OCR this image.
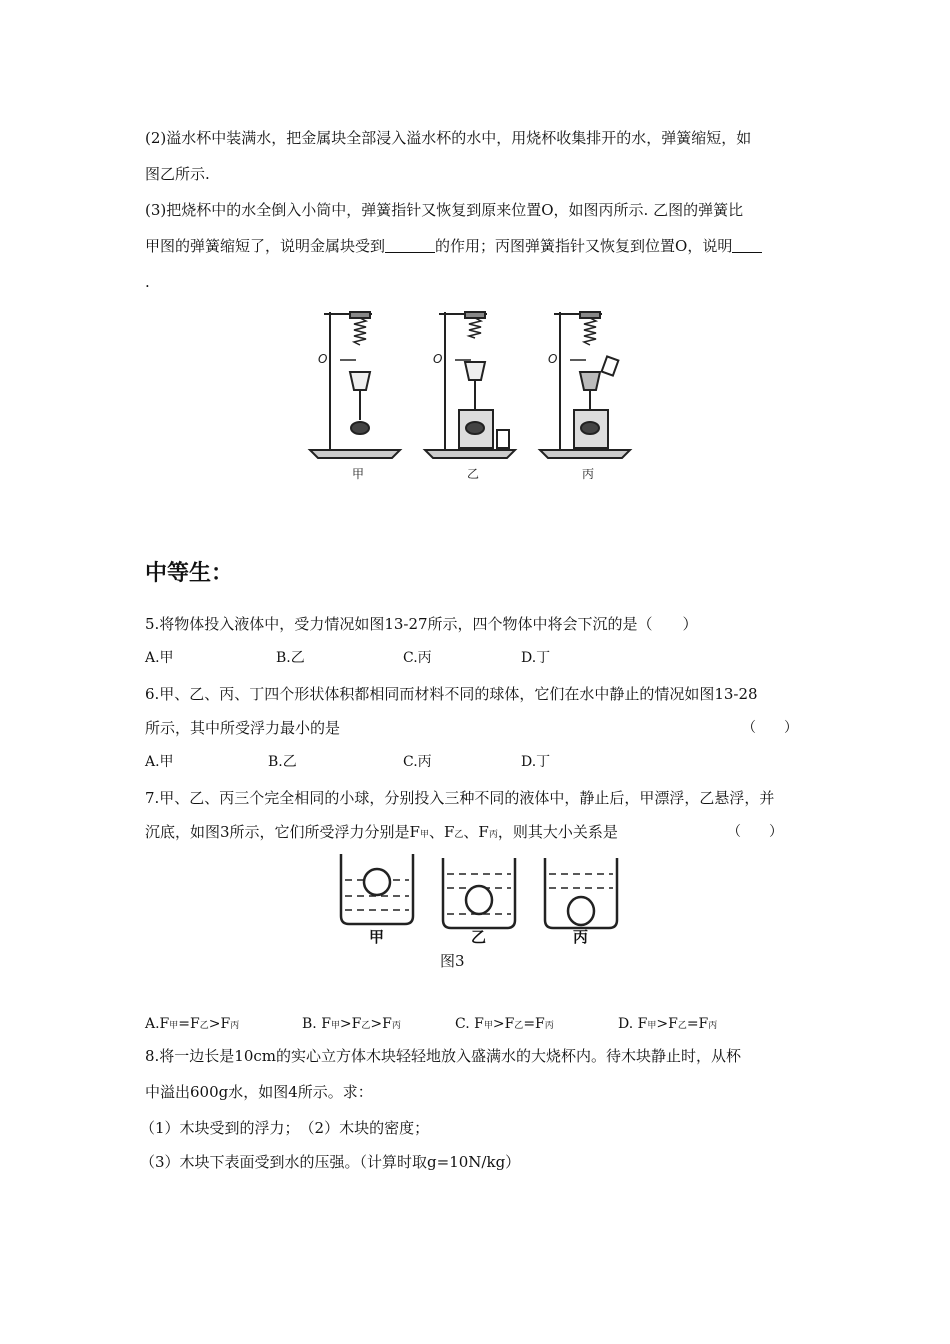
(2)溢水杯中装满水，把金属块全部浸入溢水杯的水中，用烧杯收集排开的水，弹簧缩短，如
图乙所示.
(3)把烧杯中的水全倒入小筒中，弹簧指针又恢复到原来位置O，如图丙所示. 乙图的弹簧比
甲图的弹簧缩短了，说明金属块受到	的作用；丙图弹簧指针又恢复到位置O，说明
.
O	O	O
甲	乙	丙
中等生：
5.将物体投入液体中，受力情况如图13-27所示，四个物体中将会下沉的是（　　）
A.甲	B.乙	C.丙	D.丁
6.甲、乙、丙、丁四个形状体积都相同而材料不同的球体，它们在水中静止的情况如图13-28
所示，其中所受浮力最小的是	（　　）
A.甲	B.乙	C.丙	D.丁
7.甲、乙、丙三个完全相同的小球，分别投入三种不同的液体中，静止后，甲漂浮，乙悬浮，并
沉底，如图3所示，它们所受浮力分别是F甲、F乙、F丙，则其大小关系是	（　　）
甲	乙	丙
图3
A.F甲=F乙>F丙	B. F甲>F乙>F丙	C. F甲>F乙=F丙	D. F甲>F乙=F丙
8.将一边长是10cm的实心立方体木块轻轻地放入盛满水的大烧杯内。待木块静止时，从杯
中溢出600g水，如图4所示。求：
（1）木块受到的浮力；　（2）木块的密度；
（3）木块下表面受到水的压强。（计算时取g=10N/kg）
